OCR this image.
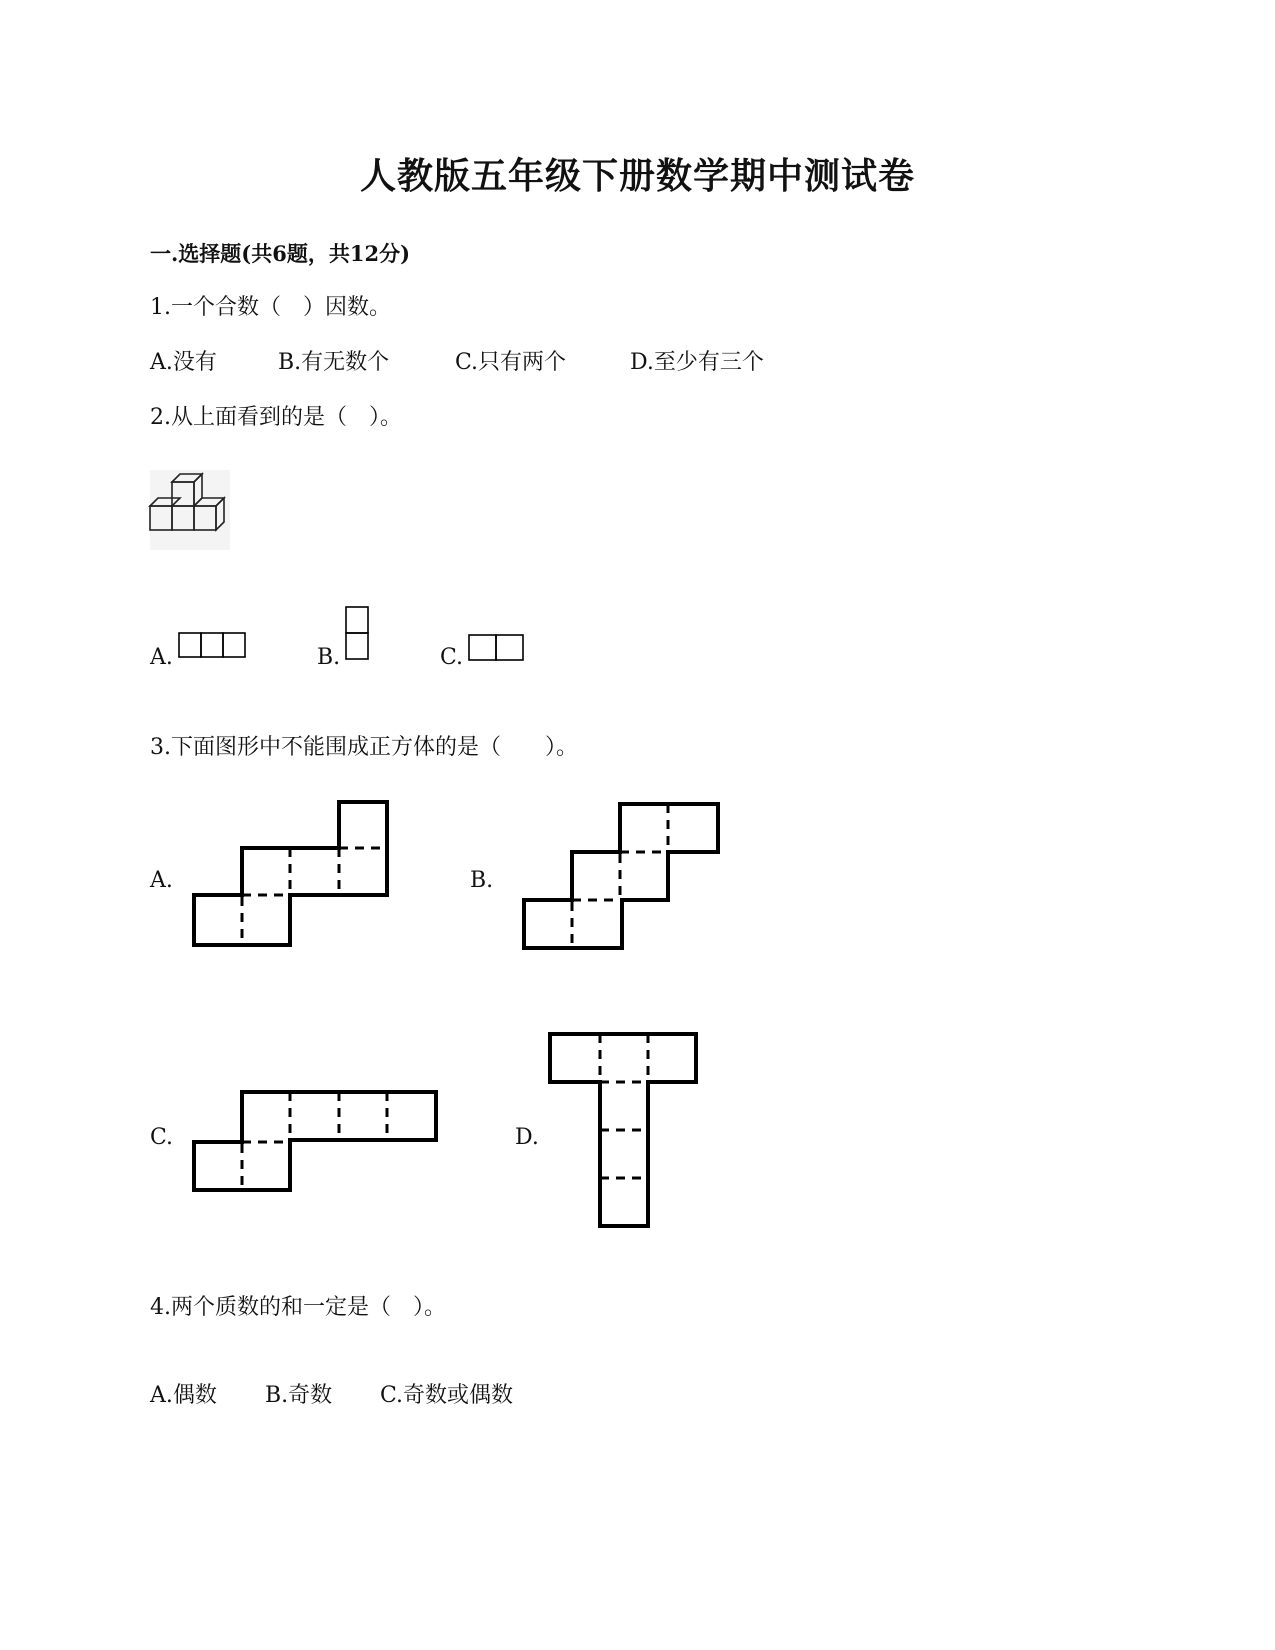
人教版五年级下册数学期中测试卷
一.选择题(共6题，共12分)
1.一个合数（　）因数。
A.没有	B.有无数个	C.只有两个	D.至少有三个
2.从上面看到的是（　）。
A.	B.	C.
3.下面图形中不能围成正方体的是（　　）。
A.	B.
C.	D.
4.两个质数的和一定是（　）。
A.偶数 B.奇数 C.奇数或偶数
